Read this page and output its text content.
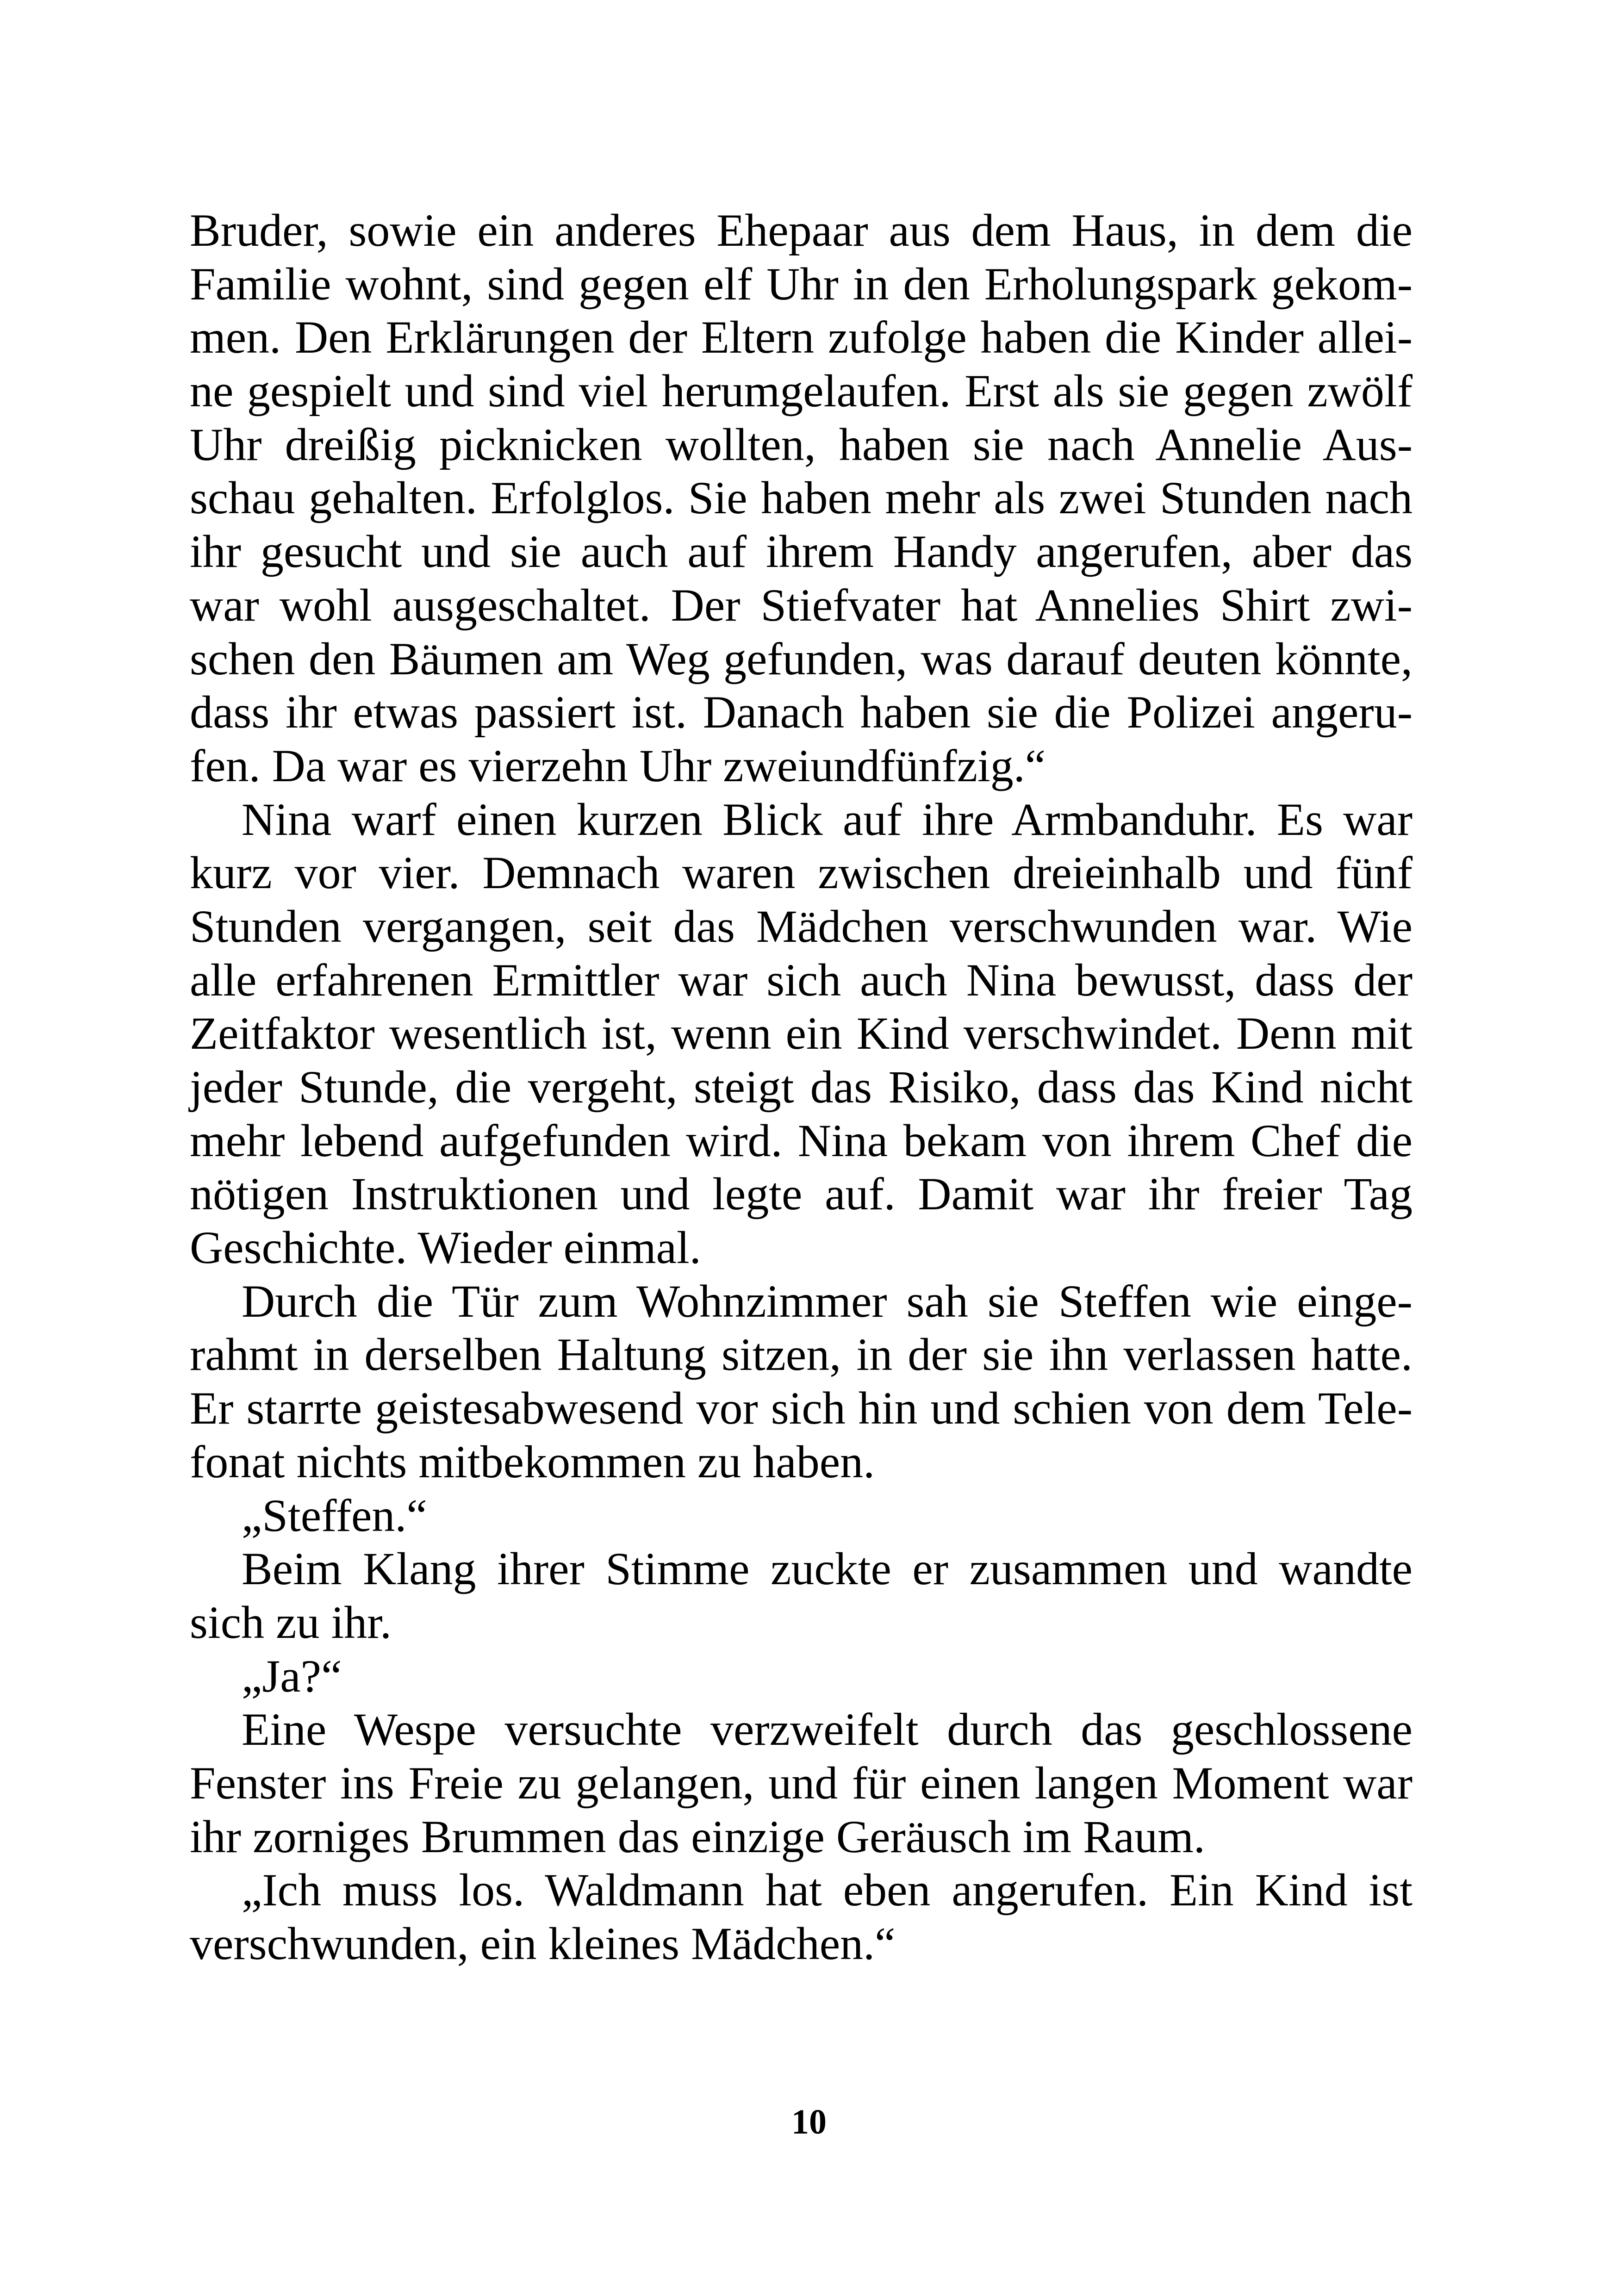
Bruder, sowie ein anderes Ehepaar aus dem Haus, in dem die
Familie wohnt, sind gegen elf Uhr in den Erholungspark gekom-
men. Den Erklärungen der Eltern zufolge haben die Kinder allei-
ne gespielt und sind viel herumgelaufen. Erst als sie gegen zwölf
Uhr dreißig picknicken wollten, haben sie nach Annelie Aus-
schau gehalten. Erfolglos. Sie haben mehr als zwei Stunden nach
ihr gesucht und sie auch auf ihrem Handy angerufen, aber das
war wohl ausgeschaltet. Der Stiefvater hat Annelies Shirt zwi-
schen den Bäumen am Weg gefunden, was darauf deuten könnte,
dass ihr etwas passiert ist. Danach haben sie die Polizei angeru-
fen. Da war es vierzehn Uhr zweiundfünfzig.“
Nina warf einen kurzen Blick auf ihre Armbanduhr. Es war
kurz vor vier. Demnach waren zwischen dreieinhalb und fünf
Stunden vergangen, seit das Mädchen verschwunden war. Wie
alle erfahrenen Ermittler war sich auch Nina bewusst, dass der
Zeitfaktor wesentlich ist, wenn ein Kind verschwindet. Denn mit
jeder Stunde, die vergeht, steigt das Risiko, dass das Kind nicht
mehr lebend aufgefunden wird. Nina bekam von ihrem Chef die
nötigen Instruktionen und legte auf. Damit war ihr freier Tag
Geschichte. Wieder einmal.
Durch die Tür zum Wohnzimmer sah sie Steffen wie einge-
rahmt in derselben Haltung sitzen, in der sie ihn verlassen hatte.
Er starrte geistesabwesend vor sich hin und schien von dem Tele-
fonat nichts mitbekommen zu haben.
„Steffen.“
Beim Klang ihrer Stimme zuckte er zusammen und wandte
sich zu ihr.
„Ja?“
Eine Wespe versuchte verzweifelt durch das geschlossene
Fenster ins Freie zu gelangen, und für einen langen Moment war
ihr zorniges Brummen das einzige Geräusch im Raum.
„Ich muss los. Waldmann hat eben angerufen. Ein Kind ist
verschwunden, ein kleines Mädchen.“
10
